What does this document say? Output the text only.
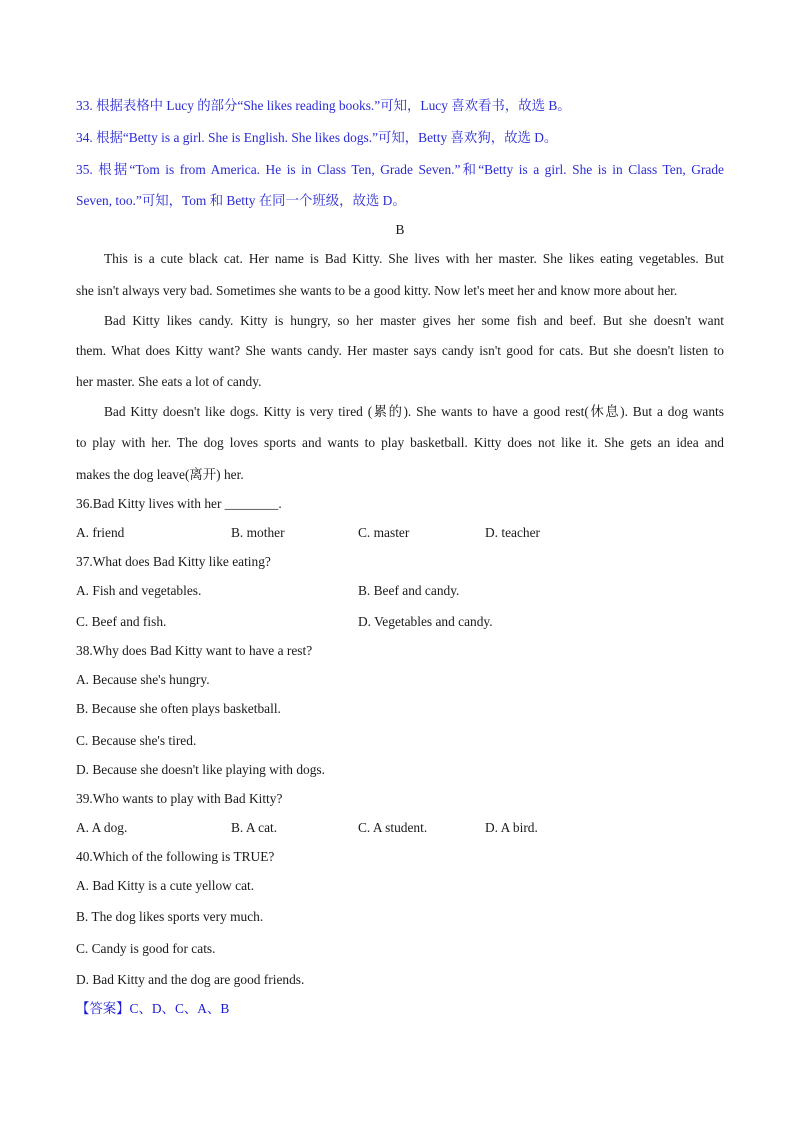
33. 根据表格中 Lucy 的部分“She likes reading books.”可知，Lucy 喜欢看书，故选 B。
34. 根据“Betty is a girl. She is English. She likes dogs.”可知，Betty 喜欢狗，故选 D。
35. 根据“Tom is from America. He is in Class Ten, Grade Seven.”和“Betty is a girl. She is in Class Ten, Grade
Seven, too.”可知，Tom 和 Betty 在同一个班级，故选 D。
B
This is a cute black cat. Her name is Bad Kitty. She lives with her master. She likes eating vegetables. But
she isn't always very bad. Sometimes she wants to be a good kitty. Now let's meet her and know more about her.
Bad Kitty likes candy. Kitty is hungry, so her master gives her some fish and beef. But she doesn't want
them. What does Kitty want? She wants candy. Her master says candy isn't good for cats. But she doesn't listen to
her master. She eats a lot of candy.
Bad Kitty doesn't like dogs. Kitty is very tired (累的). She wants to have a good rest(休息). But a dog wants
to play with her. The dog loves sports and wants to play basketball. Kitty does not like it. She gets an idea and
makes the dog leave(离开) her.
36.Bad Kitty lives with her ________.
A. friend	B. mother	C. master	D. teacher
37.What does Bad Kitty like eating?
A. Fish and vegetables.	B. Beef and candy.
C. Beef and fish.	D. Vegetables and candy.
38.Why does Bad Kitty want to have a rest?
A. Because she's hungry.
B. Because she often plays basketball.
C. Because she's tired.
D. Because she doesn't like playing with dogs.
39.Who wants to play with Bad Kitty?
A. A dog.	B. A cat.	C. A student.	D. A bird.
40.Which of the following is TRUE?
A. Bad Kitty is a cute yellow cat.
B. The dog likes sports very much.
C. Candy is good for cats.
D. Bad Kitty and the dog are good friends.
【答案】C、D、C、A、B
